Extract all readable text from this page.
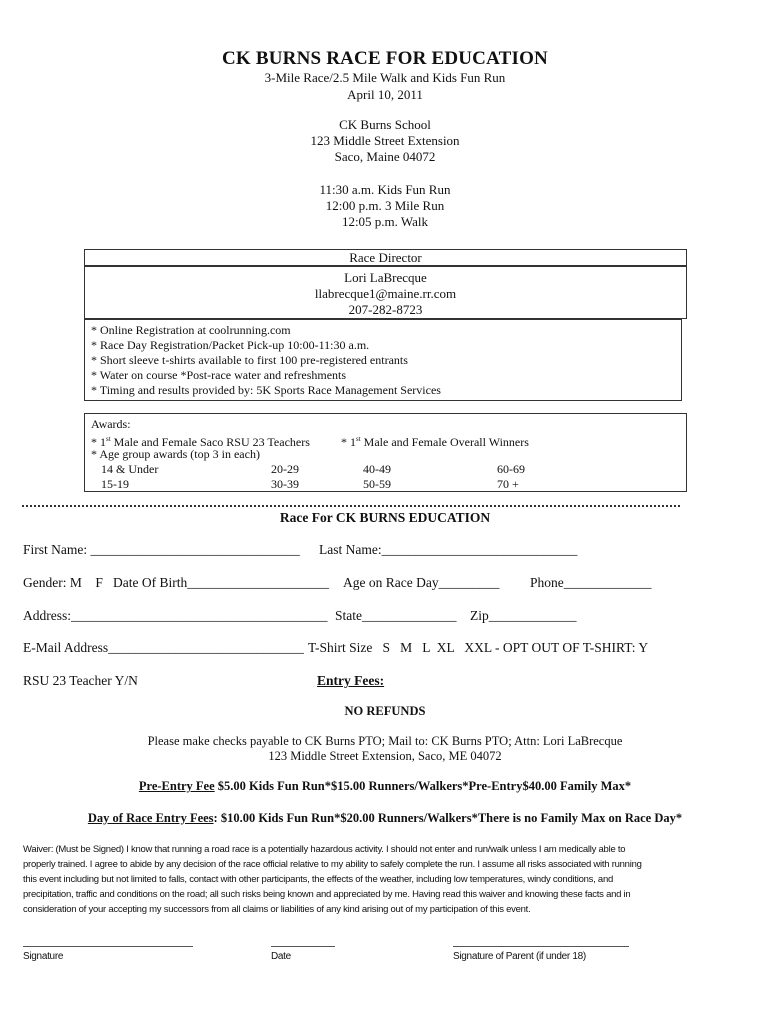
CK BURNS RACE FOR EDUCATION
3-Mile Race/2.5 Mile Walk and Kids Fun Run
April 10, 2011
CK Burns School
123 Middle Street Extension
Saco, Maine 04072
11:30 a.m. Kids Fun Run
12:00 p.m. 3 Mile Run
12:05 p.m. Walk
Race Director
Lori LaBrecque
llabrecque1@maine.rr.com
207-282-8723
* Online Registration at coolrunning.com
* Race Day Registration/Packet Pick-up 10:00-11:30 a.m.
* Short sleeve t-shirts available to first 100 pre-registered entrants
* Water on course *Post-race water and refreshments
* Timing and results provided by: 5K Sports Race Management Services
Awards:
* 1st Male and Female Saco RSU 23 Teachers	* 1st Male and Female Overall Winners
* Age group awards (top 3 in each)
14 & Under	20-29	40-49	60-69
15-19	30-39	50-59	70 +
Race For CK BURNS EDUCATION
First Name: _______________________________ Last Name:_____________________________
Gender: M    F   Date Of Birth_____________________ Age on Race Day_________ Phone_____________
Address:______________________________________ State______________ Zip_____________
E-Mail Address_____________________________ T-Shirt Size   S   M   L  XL   XXL - OPT OUT OF T-SHIRT: Y
RSU 23 Teacher Y/N	Entry Fees:
NO REFUNDS
Please make checks payable to CK Burns PTO; Mail to: CK Burns PTO; Attn: Lori LaBrecque
123 Middle Street Extension, Saco, ME 04072
Pre-Entry Fee $5.00 Kids Fun Run*$15.00 Runners/Walkers*Pre-Entry$40.00 Family Max*
Day of Race Entry Fees: $10.00 Kids Fun Run*$20.00 Runners/Walkers*There is no Family Max on Race Day*
Waiver: (Must be Signed) I know that running a road race is a potentially hazardous activity. I should not enter and run/walk unless I am medically able to
properly trained. I agree to abide by any decision of the race official relative to my ability to safely complete the run. I assume all risks associated with running
this event including but not limited to falls, contact with other participants, the effects of the weather, including low temperatures, windy conditions, and
precipitation, traffic and conditions on the road; all such risks being known and appreciated by me. Having read this waiver and knowing these facts and in
consideration of your accepting my successors from all claims or liabilities of any kind arising out of my participation of this event.
Signature	Date	Signature of Parent (if under 18)
